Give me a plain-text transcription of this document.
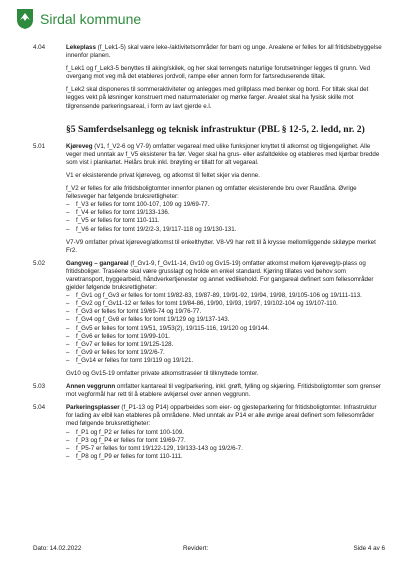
Sirdal kommune
4.04	Lekeplass (f_Lek1-5) skal være leke-/aktivitetsområder for barn og unge. Arealene er felles for all fritidsbebyggelse innenfor planen.

f_Lek1 og f_Lek3-5 benyttes til aking/skilek, og her skal terrengets naturlige forutsetninger legges til grunn. Ved overgang mot veg må det etableres jordvoll, rampe eller annen form for fartsreduserende tiltak.

f_Lek2 skal disponeres til sommeraktiviteter og anlegges med grillplass med benker og bord. For tiltak skal det legges vekt på løsninger konstruert med naturmaterialer og mørke farger. Arealet skal ha fysisk skille mot tilgrensende parkeringsareal, i form av lavt gjerde e.l.

§5 Samferdselsanlegg og teknisk infrastruktur (PBL § 12-5, 2. ledd, nr. 2)
5.01	Kjøreveg (V1, f_V2-6 og V7-9) omfatter vegareal med ulike funksjoner knyttet til atkomst og tilgjengelighet. Alle veger med unntak av f_V5 eksisterer fra før. Veger skal ha grus- eller asfaltdekke og etableres med kjørbar bredde som vist i plankartet. Helårs bruk inkl. brøyting er tillatt for alt vegareal.

V1 er eksisterende privat kjøreveg, og atkomst til feltet skjer via denne.

f_V2 er felles for alle fritidsboligtomter innenfor planen og omfatter eksisterende bru over Raudåna. Øvrige fellesveger har følgende bruksrettigheter:

–	f_V3 er felles for tomt 100-107, 109 og 19/69-77.
–	f_V4 er felles for tomt 19/133-136.
–	f_V5 er felles for tomt 110-111.
–	f_V6 er felles for tomt 19/2/2-3, 19/117-118 og 19/130-131.

V7-V9 omfatter privat kjøreveg/atkomst til enkelthytter. V8-V9 har rett til å krysse mellomliggende skiløype merket Fr2.

5.02	Gangveg – gangareal (f_Gv1-9, f_Gv11-14, Gv10 og Gv15-19) omfatter atkomst mellom kjøreveg/p-plass og fritidsboliger. Traséene skal være grusslagt og holde en enkel standard. Kjøring tillates ved behov som varetransport, byggearbeid, håndverkertjenester og annet vedlikehold. For gangareal definert som fellesområder gjelder følgende bruksrettigheter:

–	f_Gv1 og f_Gv3 er felles for tomt 19/82-83, 19/87-89, 19/91-92, 19/94, 19/98, 19/105-106 og 19/111-113.
–	f_Gv2 og f_Gv11-12 er felles for tomt 19/84-86, 19/90, 19/93, 19/97, 19/102-104 og 19/107-110.
–	f_Gv3 er felles for tomt 19/69-74 og 19/76-77.
–	f_Gv4 og f_Gv8 er felles for tomt 19/129 og 19/137-143.
–	f_Gv5 er felles for tomt 19/51, 19/53(2), 19/115-116, 19/120 og 19/144.
–	f_Gv6 er felles for tomt 19/99-101.
–	f_Gv7 er felles for tomt 19/125-128.
–	f_Gv9 er felles for tomt 19/2/6-7.
–	f_Gv14 er felles for tomt 19/119 og 19/121.

Gv10 og Gv15-19 omfatter private atkomsttraséer til tilknyttede tomter.

5.03	Annen veggrunn omfatter kantareal til veg/parkering, inkl. grøft, fylling og skjæring. Fritidsboligtomter som grenser mot vegformål har rett til å etablere avkjørsel over annen veggrunn.

5.04	Parkeringsplasser (f_P1-13 og P14) opparbeides som eier- og gjesteparkering for fritidsboligtomter. Infrastruktur for lading av elbil kan etableres på områdene. Med unntak av P14 er alle øvrige areal definert som fellesområder med følgende bruksrettigheter:

–	f_P1 og f_P2 er felles for tomt 100-109.
–	f_P3 og f_P4 er felles for tomt 19/69-77.
–	f_P5-7 er felles for tomt 19/122-129, 19/133-143 og 19/2/6-7.
–	f_P8 og f_P9 er felles for tomt 110-111.
Dato: 14.02.2022	Revidert:	Side 4 av 6
